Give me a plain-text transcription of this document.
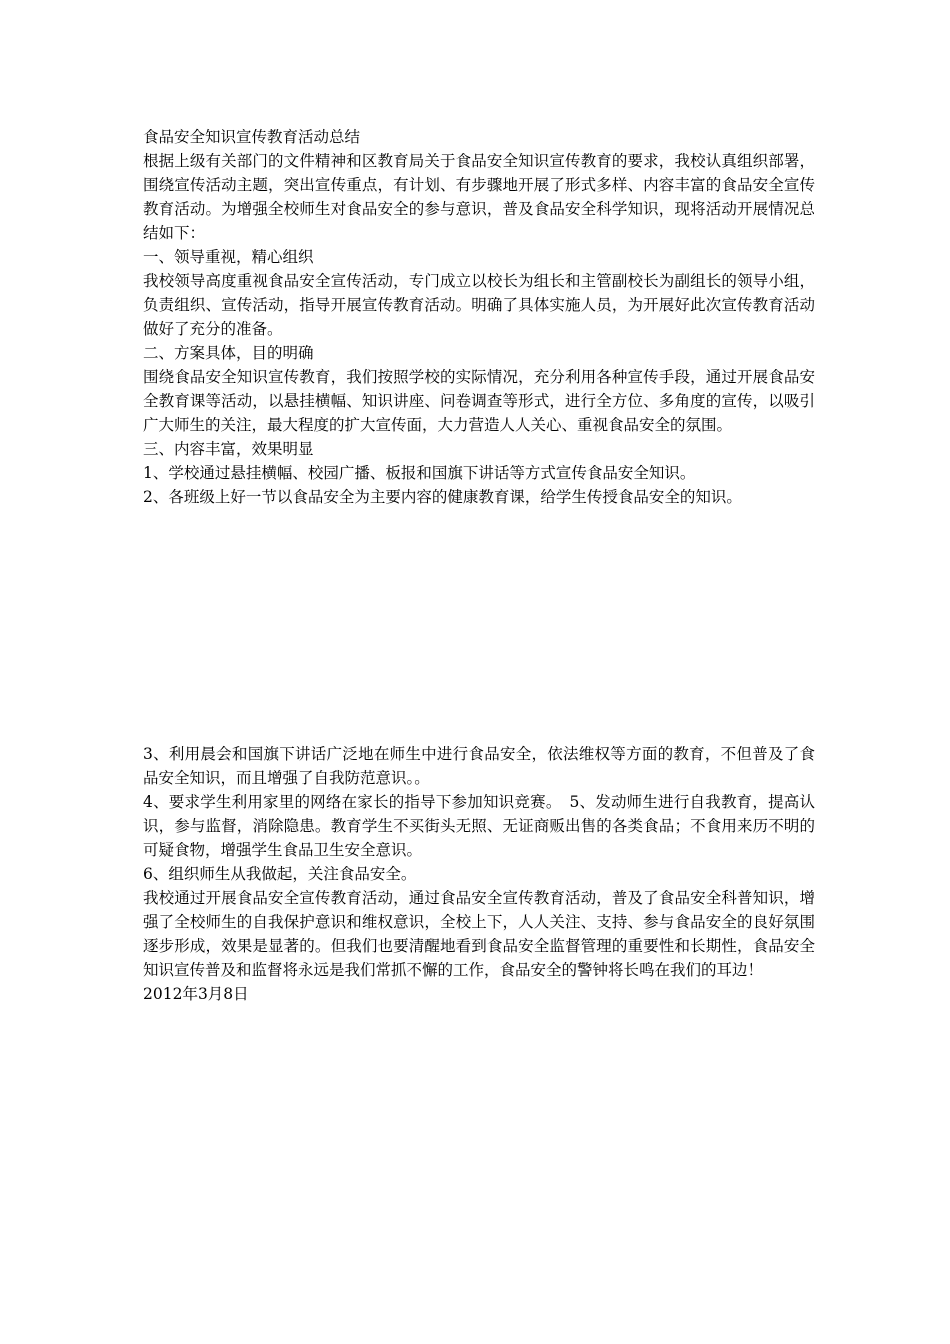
食品安全知识宣传教育活动总结

根据上级有关部门的文件精神和区教育局关于食品安全知识宣传教育的要求，我校认真组织部署，围绕宣传活动主题，突出宣传重点，有计划、有步骤地开展了形式多样、内容丰富的食品安全宣传教育活动。为增强全校师生对食品安全的参与意识，普及食品安全科学知识，现将活动开展情况总结如下：

一、领导重视，精心组织

我校领导高度重视食品安全宣传活动，专门成立以校长为组长和主管副校长为副组长的领导小组，负责组织、宣传活动，指导开展宣传教育活动。明确了具体实施人员，为开展好此次宣传教育活动做好了充分的准备。

二、方案具体，目的明确

围绕食品安全知识宣传教育，我们按照学校的实际情况，充分利用各种宣传手段，通过开展食品安全教育课等活动，以悬挂横幅、知识讲座、问卷调查等形式，进行全方位、多角度的宣传，以吸引广大师生的关注，最大程度的扩大宣传面，大力营造人人关心、重视食品安全的氛围。

三、内容丰富，效果明显

1、学校通过悬挂横幅、校园广播、板报和国旗下讲话等方式宣传食品安全知识。

2、各班级上好一节以食品安全为主要内容的健康教育课，给学生传授食品安全的知识。

3、利用晨会和国旗下讲话广泛地在师生中进行食品安全，依法维权等方面的教育，不但普及了食品安全知识，而且增强了自我防范意识。。

4、要求学生利用家里的网络在家长的指导下参加知识竞赛。　5、发动师生进行自我教育，提高认识，参与监督，消除隐患。教育学生不买街头无照、无证商贩出售的各类食品；不食用来历不明的可疑食物，增强学生食品卫生安全意识。

6、组织师生从我做起，关注食品安全。

我校通过开展食品安全宣传教育活动，通过食品安全宣传教育活动，普及了食品安全科普知识，增强了全校师生的自我保护意识和维权意识，全校上下，人人关注、支持、参与食品安全的良好氛围逐步形成，效果是显著的。但我们也要清醒地看到食品安全监督管理的重要性和长期性，食品安全知识宣传普及和监督将永远是我们常抓不懈的工作，食品安全的警钟将长鸣在我们的耳边！

2012年3月8日
